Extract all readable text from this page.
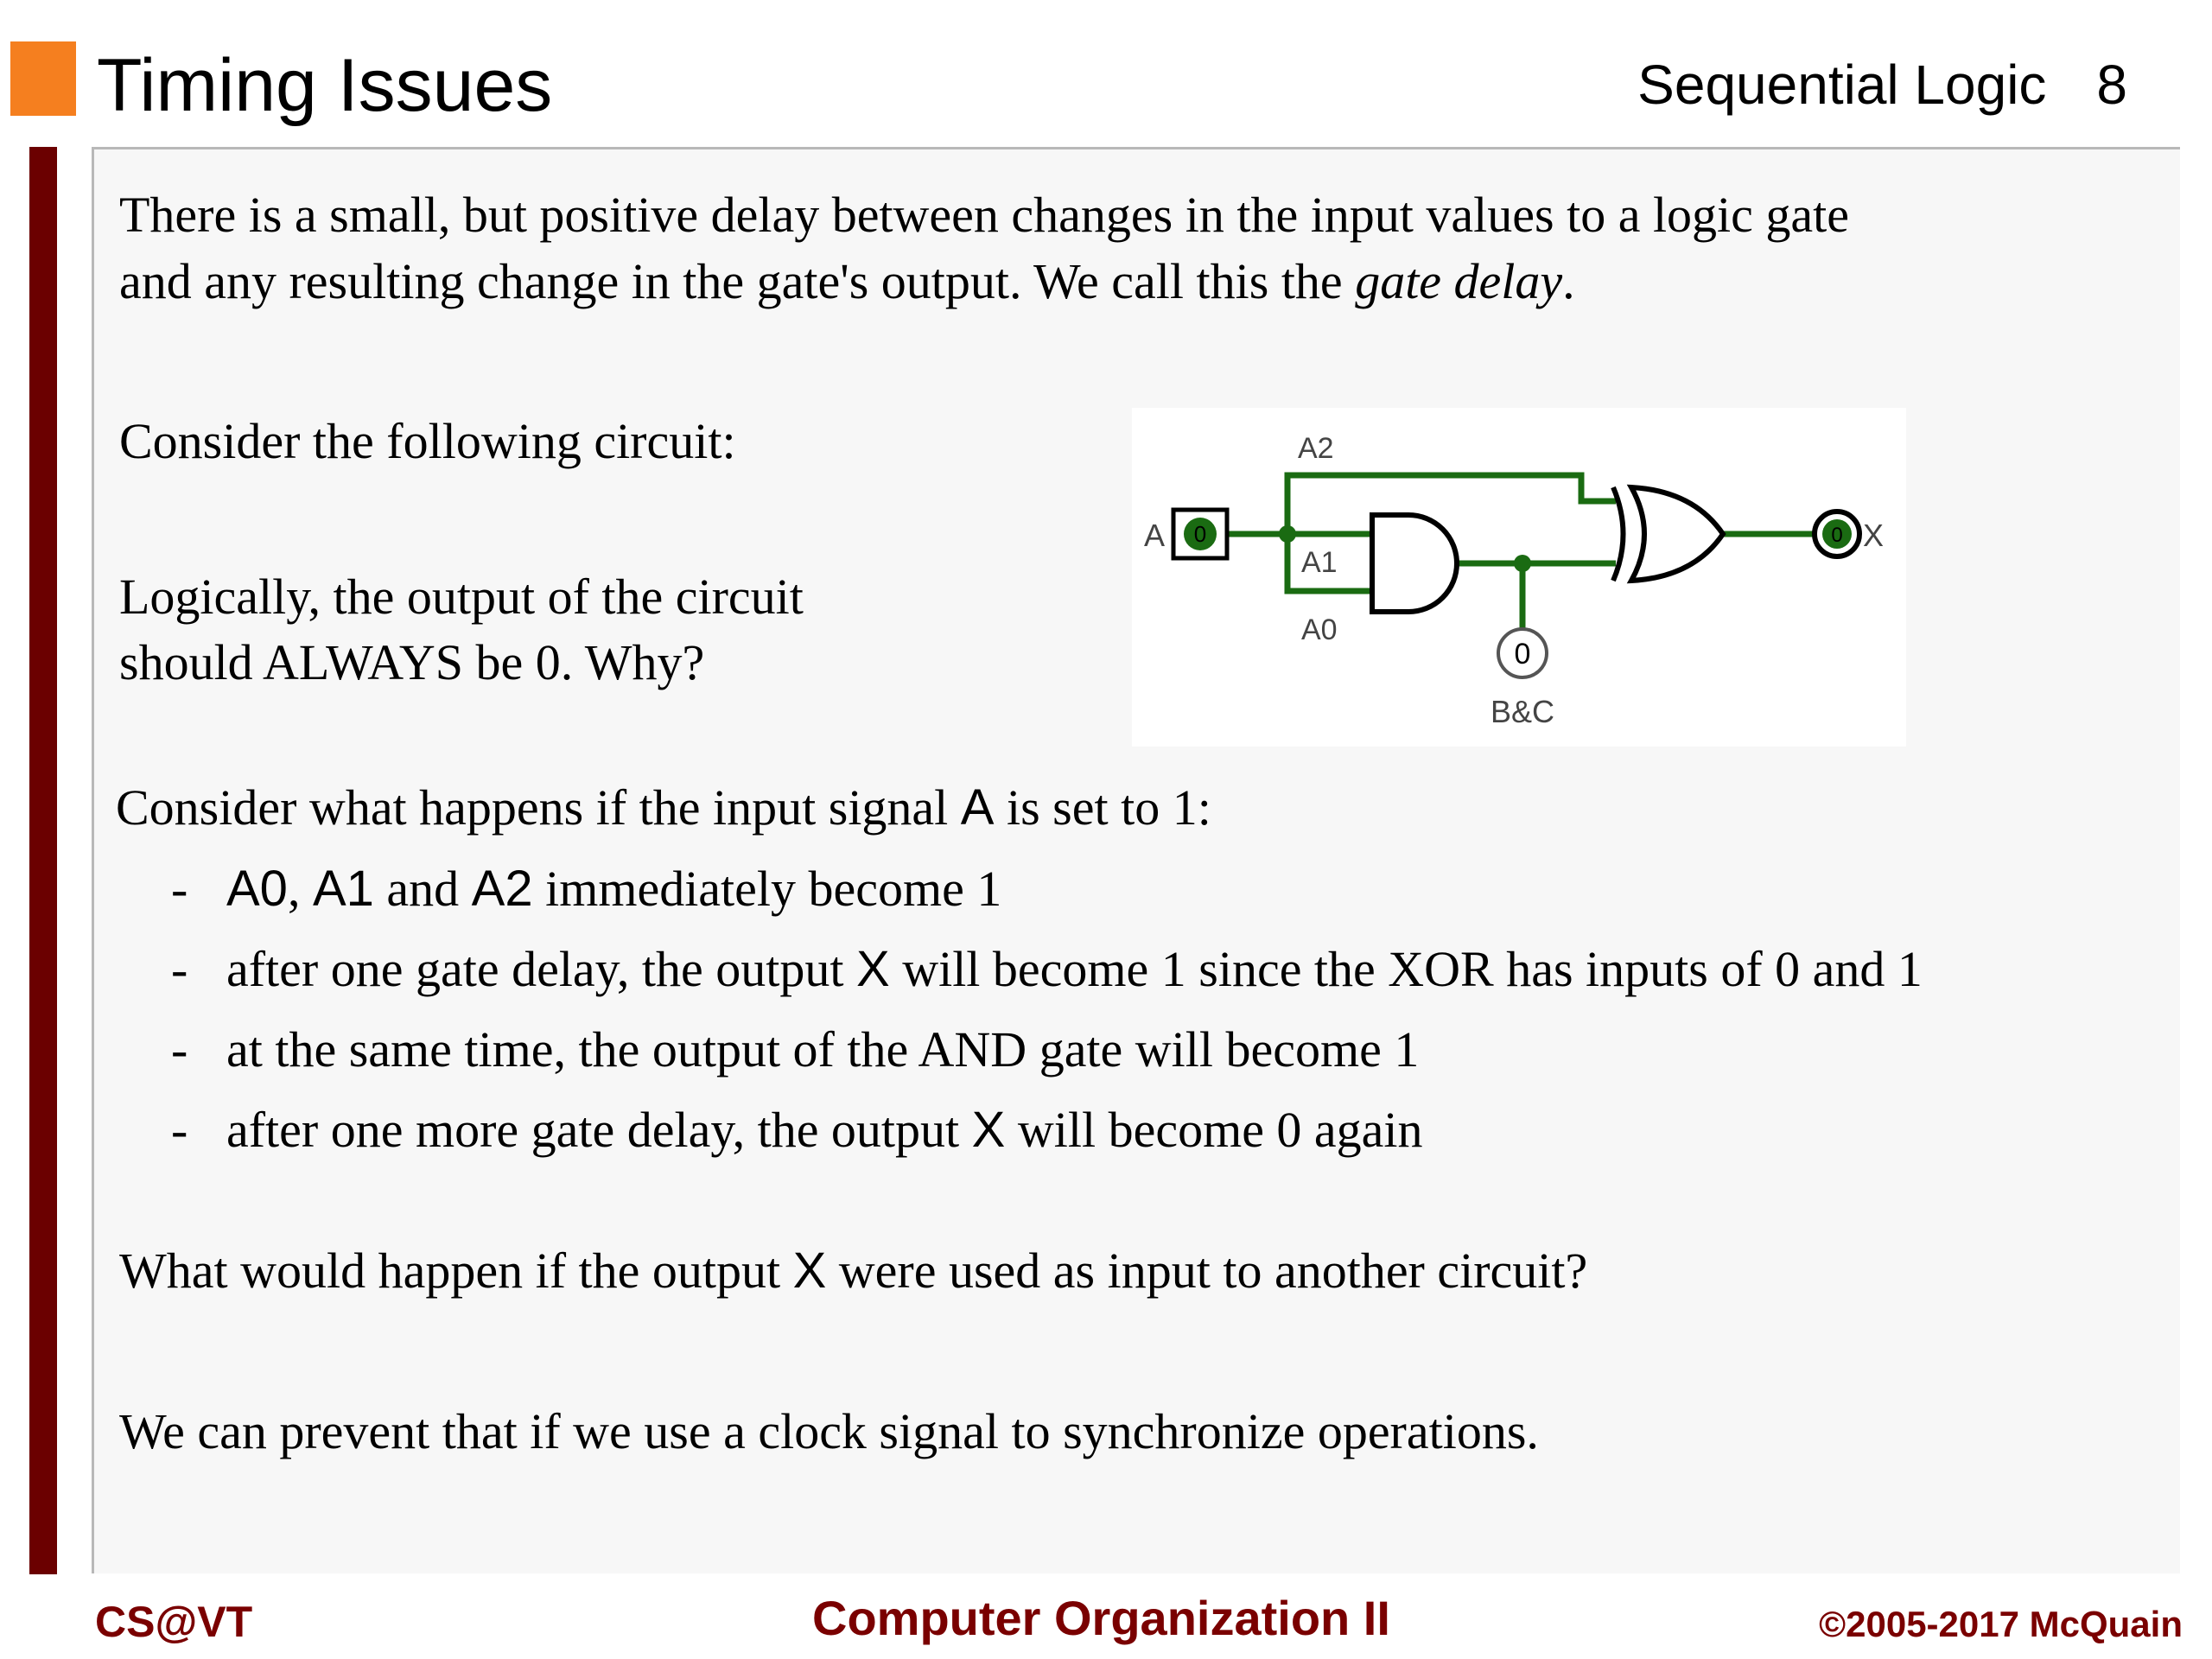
Timing Issues	Sequential Logic 8
There is a small, but positive delay between changes in the input values to a logic gate
and any resulting change in the gate's output. We call this the gate delay.
Consider the following circuit:
Logically, the output of the circuit
should ALWAYS be 0. Why?
0
A	0 X
0
B&C
A2
A1
A0
Consider what happens if the input signal A is set to 1:
- A0, A1 and A2 immediately become 1
- after one gate delay, the output X will become 1 since the XOR has inputs of 0 and 1
- at the same time, the output of the AND gate will become 1
- after one more gate delay, the output X will become 0 again
What would happen if the output X were used as input to another circuit?
We can prevent that if we use a clock signal to synchronize operations.
CS@VT	Computer Organization II	©2005-2017 McQuain
